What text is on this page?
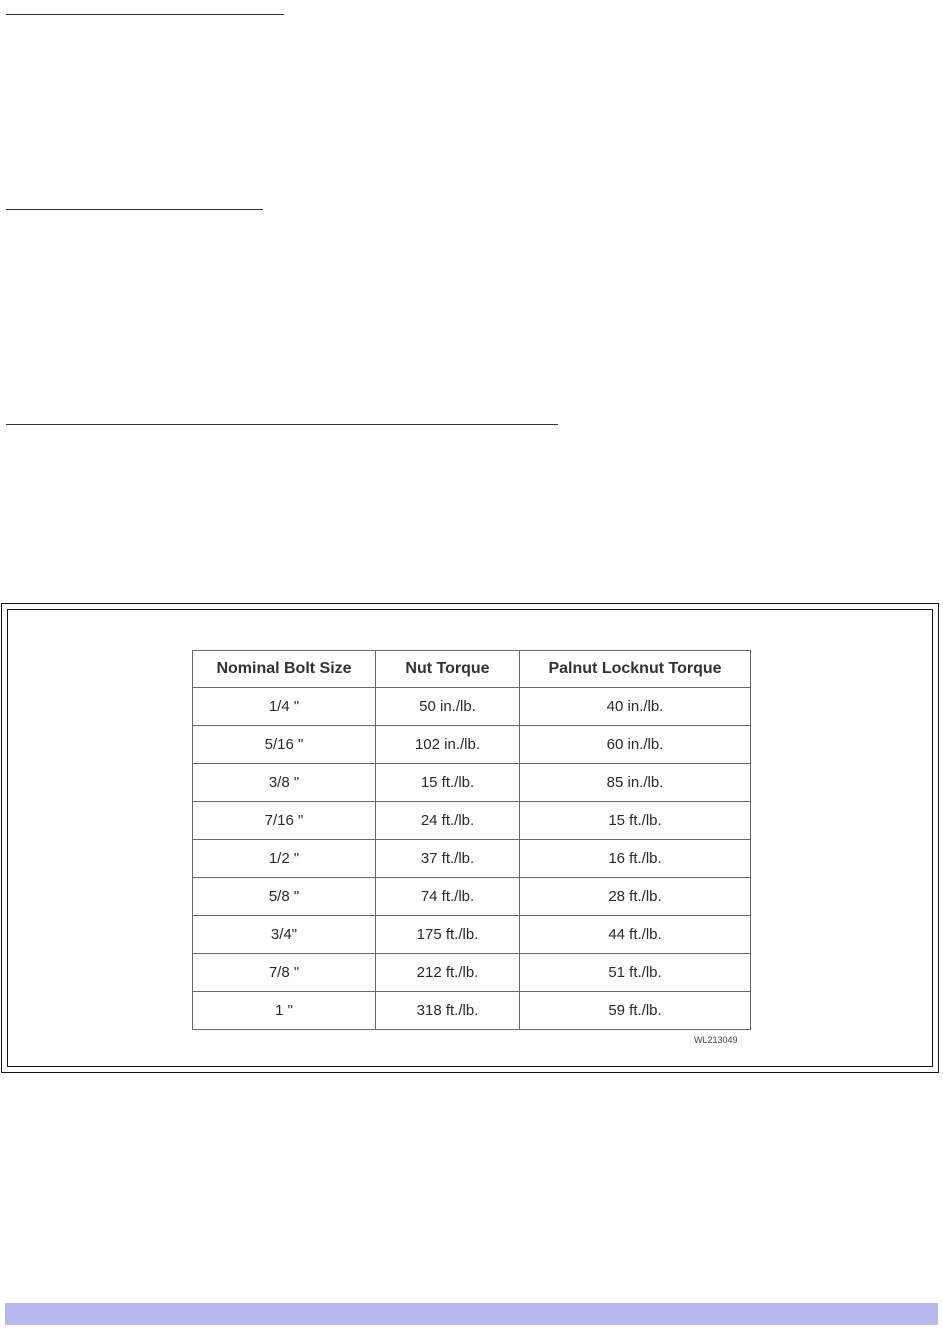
Nominal Bolt Size	Nut Torque	Palnut Locknut Torque
1/4 "	50 in./lb.	40 in./lb.
5/16 "	102 in./lb.	60 in./lb.
3/8 "	15 ft./lb.	85 in./lb.
7/16 "	24 ft./lb.	15 ft./lb.
1/2 "	37 ft./lb.	16 ft./lb.
5/8 "	74 ft./lb.	28 ft./lb.
3/4"	175 ft./lb.	44 ft./lb.
7/8 "	212 ft./lb.	51 ft./lb.
1 "	318 ft./lb.	59 ft./lb.
WL213049
